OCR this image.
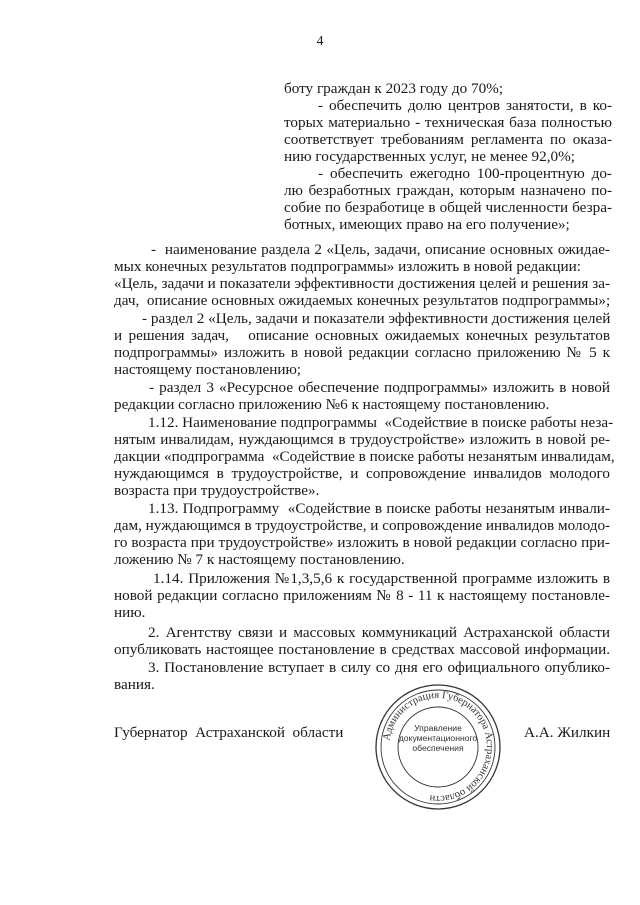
4

боту граждан к 2023 году до 70%;

- обеспечить долю центров занятости, в ко-

торых материально - техническая база полностью

соответствует требованиям регламента по оказа-

нию государственных услуг, не менее 92,0%;

- обеспечить ежегодно 100-процентную до-

лю безработных граждан, которым назначено по-

собие по безработице в общей численности безра-

ботных, имеющих право на его получение»;

-  наименование раздела 2 «Цель, задачи, описание основных ожидае-

мых конечных результатов подпрограммы» изложить в новой редакции:

«Цель, задачи и показатели эффективности достижения целей и решения за-

дач,  описание основных ожидаемых конечных результатов подпрограммы»;

- раздел 2 «Цель, задачи и показатели эффективности достижения целей

и решения задач,   описание основных ожидаемых конечных результатов

подпрограммы» изложить в новой редакции согласно приложению № 5 к

настоящему постановлению;

- раздел 3 «Ресурсное обеспечение подпрограммы» изложить в новой

редакции согласно приложению №6 к настоящему постановлению.

1.12. Наименование подпрограммы  «Содействие в поиске работы неза-

нятым инвалидам, нуждающимся в трудоустройстве» изложить в новой ре-

дакции «подпрограмма  «Содействие в поиске работы незанятым инвалидам,

нуждающимся в трудоустройстве, и сопровождение инвалидов молодого

возраста при трудоустройстве».

1.13. Подпрограмму  «Содействие в поиске работы незанятым инвали-

дам, нуждающимся в трудоустройстве, и сопровождение инвалидов молодо-

го возраста при трудоустройстве» изложить в новой редакции согласно при-

ложению № 7 к настоящему постановлению.

1.14. Приложения №1,3,5,6 к государственной программе изложить в

новой редакции согласно приложениям № 8 - 11 к настоящему постановле-

нию.

2. Агентству связи и массовых коммуникаций Астраханской области

опубликовать настоящее постановление в средствах массовой информации.

3. Постановление вступает в силу со дня его официального опублико-

вания.

Губернатор  Астраханской  области	Администрация Губернатора Астраханской области
Управление
документационного
обеспечения
А.А. Жилкин
